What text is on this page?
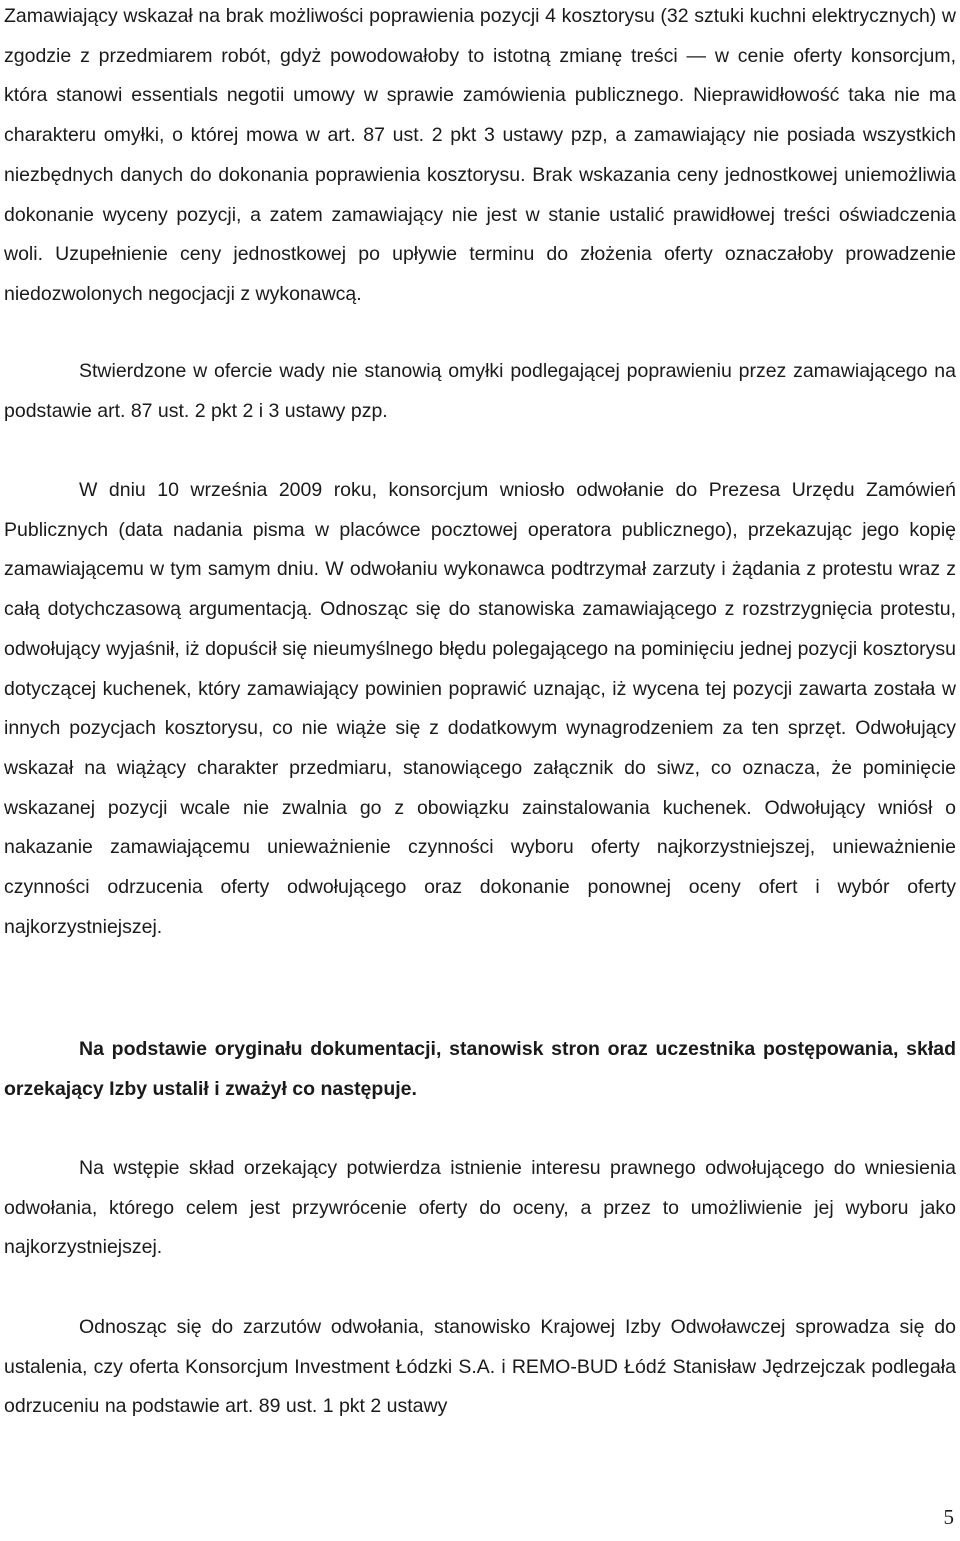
Zamawiający wskazał na brak możliwości poprawienia pozycji 4 kosztorysu (32 sztuki kuchni elektrycznych) w zgodzie z przedmiarem robót, gdyż powodowałoby to istotną zmianę treści — w cenie oferty konsorcjum, która stanowi essentials negotii umowy w sprawie zamówienia publicznego. Nieprawidłowość taka nie ma charakteru omyłki, o której mowa w art. 87 ust. 2 pkt 3 ustawy pzp, a zamawiający nie posiada wszystkich niezbędnych danych do dokonania poprawienia kosztorysu. Brak wskazania ceny jednostkowej uniemożliwia dokonanie wyceny pozycji, a zatem zamawiający nie jest w stanie ustalić prawidłowej treści oświadczenia woli. Uzupełnienie ceny jednostkowej po upływie terminu do złożenia oferty oznaczałoby prowadzenie niedozwolonych negocjacji z wykonawcą.

Stwierdzone w ofercie wady nie stanowią omyłki podlegającej poprawieniu przez zamawiającego na podstawie art. 87 ust. 2 pkt 2 i 3 ustawy pzp.

W dniu 10 września 2009 roku, konsorcjum wniosło odwołanie do Prezesa Urzędu Zamówień Publicznych (data nadania pisma w placówce pocztowej operatora publicznego), przekazując jego kopię zamawiającemu w tym samym dniu. W odwołaniu wykonawca podtrzymał zarzuty i żądania z protestu wraz z całą dotychczasową argumentacją. Odnosząc się do stanowiska zamawiającego z rozstrzygnięcia protestu, odwołujący wyjaśnił, iż dopuścił się nieumyślnego błędu polegającego na pominięciu jednej pozycji kosztorysu dotyczącej kuchenek, który zamawiający powinien poprawić uznając, iż wycena tej pozycji zawarta została w innych pozycjach kosztorysu, co nie wiąże się z dodatkowym wynagrodzeniem za ten sprzęt. Odwołujący wskazał na wiążący charakter przedmiaru, stanowiącego załącznik do siwz, co oznacza, że pominięcie wskazanej pozycji wcale nie zwalnia go z obowiązku zainstalowania kuchenek. Odwołujący wniósł o nakazanie zamawiającemu unieważnienie czynności wyboru oferty najkorzystniejszej, unieważnienie czynności odrzucenia oferty odwołującego oraz dokonanie ponownej oceny ofert i wybór oferty najkorzystniejszej.

Na podstawie oryginału dokumentacji, stanowisk stron oraz uczestnika postępowania, skład orzekający Izby ustalił i zważył co następuje.

Na wstępie skład orzekający potwierdza istnienie interesu prawnego odwołującego do wniesienia odwołania, którego celem jest przywrócenie oferty do oceny, a przez to umożliwienie jej wyboru jako najkorzystniejszej.

Odnosząc się do zarzutów odwołania, stanowisko Krajowej Izby Odwoławczej sprowadza się do ustalenia, czy oferta Konsorcjum Investment Łódzki S.A. i REMO-BUD Łódź Stanisław Jędrzejczak podlegała odrzuceniu na podstawie art. 89 ust. 1 pkt 2 ustawy

5
